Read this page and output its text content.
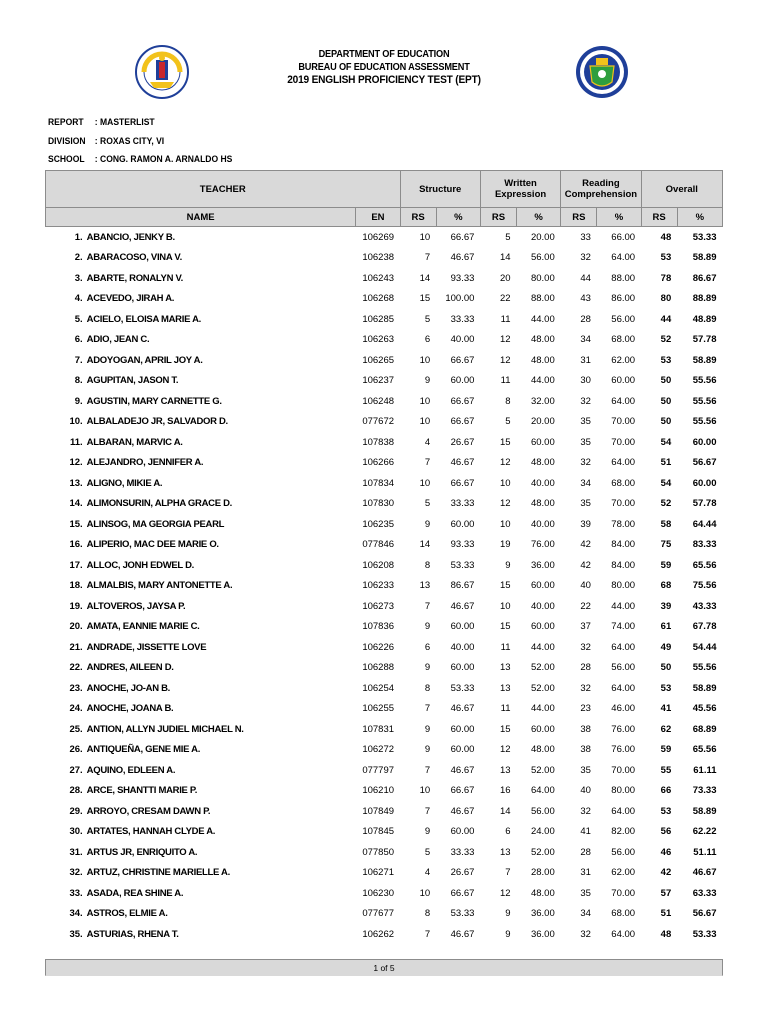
DEPARTMENT OF EDUCATION
BUREAU OF EDUCATION ASSESSMENT
2019 ENGLISH PROFICIENCY TEST (EPT)
REPORT : MASTERLIST
DIVISION : ROXAS CITY, VI
SCHOOL : CONG. RAMON A. ARNALDO HS
TEACHER			Structure		Written Expression		Reading Comprehension		Overall	
NAME		EN	RS	%	RS	%	RS	%	RS	%
1.	ABANCIO, JENKY B.	106269	10	66.67	5	20.00	33	66.00	48	53.33
2.	ABARACOSO, VINA V.	106238	7	46.67	14	56.00	32	64.00	53	58.89
3.	ABARTE, RONALYN V.	106243	14	93.33	20	80.00	44	88.00	78	86.67
4.	ACEVEDO, JIRAH A.	106268	15	100.00	22	88.00	43	86.00	80	88.89
5.	ACIELO, ELOISA MARIE A.	106285	5	33.33	11	44.00	28	56.00	44	48.89
6.	ADIO, JEAN C.	106263	6	40.00	12	48.00	34	68.00	52	57.78
7.	ADOYOGAN, APRIL JOY A.	106265	10	66.67	12	48.00	31	62.00	53	58.89
8.	AGUPITAN, JASON T.	106237	9	60.00	11	44.00	30	60.00	50	55.56
9.	AGUSTIN, MARY CARNETTE G.	106248	10	66.67	8	32.00	32	64.00	50	55.56
10.	ALBALADEJO JR, SALVADOR D.	077672	10	66.67	5	20.00	35	70.00	50	55.56
11.	ALBARAN, MARVIC A.	107838	4	26.67	15	60.00	35	70.00	54	60.00
12.	ALEJANDRO, JENNIFER A.	106266	7	46.67	12	48.00	32	64.00	51	56.67
13.	ALIGNO, MIKIE A.	107834	10	66.67	10	40.00	34	68.00	54	60.00
14.	ALIMONSURIN, ALPHA GRACE D.	107830	5	33.33	12	48.00	35	70.00	52	57.78
15.	ALINSOG, MA GEORGIA PEARL	106235	9	60.00	10	40.00	39	78.00	58	64.44
16.	ALIPERIO, MAC DEE MARIE O.	077846	14	93.33	19	76.00	42	84.00	75	83.33
17.	ALLOC, JONH EDWEL D.	106208	8	53.33	9	36.00	42	84.00	59	65.56
18.	ALMALBIS, MARY ANTONETTE A.	106233	13	86.67	15	60.00	40	80.00	68	75.56
19.	ALTOVEROS, JAYSA P.	106273	7	46.67	10	40.00	22	44.00	39	43.33
20.	AMATA, EANNIE MARIE C.	107836	9	60.00	15	60.00	37	74.00	61	67.78
21.	ANDRADE, JISSETTE LOVE	106226	6	40.00	11	44.00	32	64.00	49	54.44
22.	ANDRES, AILEEN D.	106288	9	60.00	13	52.00	28	56.00	50	55.56
23.	ANOCHE, JO-AN B.	106254	8	53.33	13	52.00	32	64.00	53	58.89
24.	ANOCHE, JOANA B.	106255	7	46.67	11	44.00	23	46.00	41	45.56
25.	ANTION, ALLYN JUDIEL MICHAEL N.	107831	9	60.00	15	60.00	38	76.00	62	68.89
26.	ANTIQUEÑA, GENE MIE A.	106272	9	60.00	12	48.00	38	76.00	59	65.56
27.	AQUINO, EDLEEN A.	077797	7	46.67	13	52.00	35	70.00	55	61.11
28.	ARCE, SHANTTI MARIE P.	106210	10	66.67	16	64.00	40	80.00	66	73.33
29.	ARROYO, CRESAM DAWN P.	107849	7	46.67	14	56.00	32	64.00	53	58.89
30.	ARTATES, HANNAH CLYDE A.	107845	9	60.00	6	24.00	41	82.00	56	62.22
31.	ARTUS JR, ENRIQUITO A.	077850	5	33.33	13	52.00	28	56.00	46	51.11
32.	ARTUZ, CHRISTINE MARIELLE A.	106271	4	26.67	7	28.00	31	62.00	42	46.67
33.	ASADA, REA SHINE A.	106230	10	66.67	12	48.00	35	70.00	57	63.33
34.	ASTROS, ELMIE A.	077677	8	53.33	9	36.00	34	68.00	51	56.67
35.	ASTURIAS, RHENA T.	106262	7	46.67	9	36.00	32	64.00	48	53.33
1 of 5
